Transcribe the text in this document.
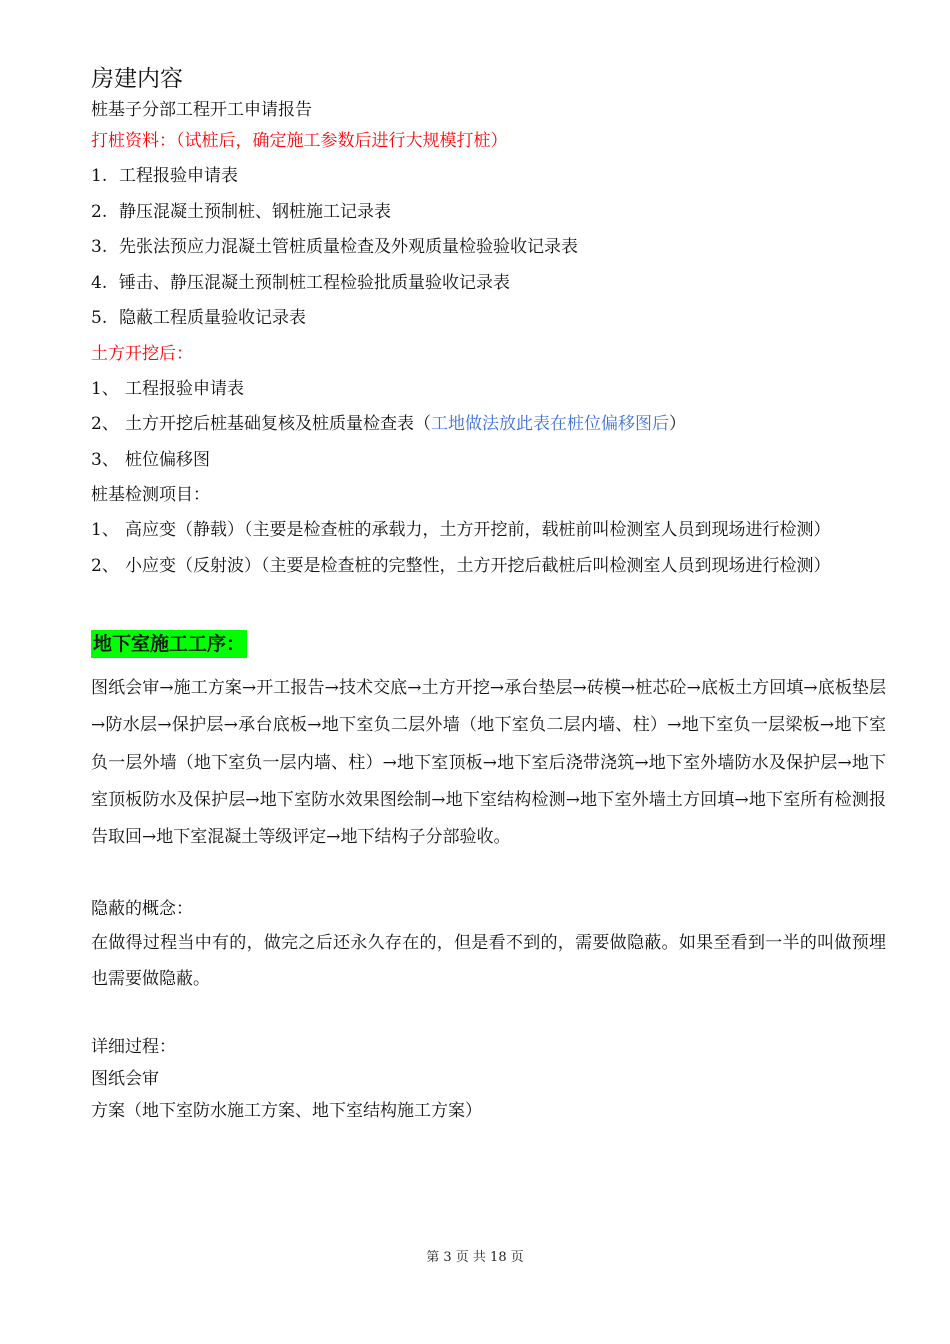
房建内容

桩基子分部工程开工申请报告

打桩资料：（试桩后，确定施工参数后进行大规模打桩）

1. 工程报验申请表

2. 静压混凝土预制桩、钢桩施工记录表

3. 先张法预应力混凝土管桩质量检查及外观质量检验验收记录表

4. 锤击、静压混凝土预制桩工程检验批质量验收记录表

5. 隐蔽工程质量验收记录表

土方开挖后：

1、 工程报验申请表

2、 土方开挖后桩基础复核及桩质量检查表（ 工地做法放此表在桩位偏移图后 ）

3、 桩位偏移图

桩基检测项目：

1、 高应变（静载）（主要是检查桩的承载力，土方开挖前，载桩前叫检测室人员到现场进行检测）

2、 小应变（反射波）（主要是检查桩的完整性，土方开挖后截桩后叫检测室人员到现场进行检测）

地下室施工工序：

图纸会审→施工方案→开工报告→技术交底→土方开挖→承台垫层→砖模→桩芯砼→底板土方回填→底板垫层→防水层→保护层→承台底板→地下室负二层外墙（地下室负二层内墙、柱）→地下室负一层梁板→地下室负一层外墙（地下室负一层内墙、柱）→地下室顶板→地下室后浇带浇筑→地下室外墙防水及保护层→地下室顶板防水及保护层→地下室防水效果图绘制→地下室结构检测→地下室外墙土方回填→地下室所有检测报告取回→地下室混凝土等级评定→地下结构子分部验收。

隐蔽的概念：

在做得过程当中有的，做完之后还永久存在的，但是看不到的，需要做隐蔽。如果至看到一半的叫做预埋也需要做隐蔽。

详细过程：

图纸会审

方案（地下室防水施工方案、地下室结构施工方案）

第 3 页 共 18 页
